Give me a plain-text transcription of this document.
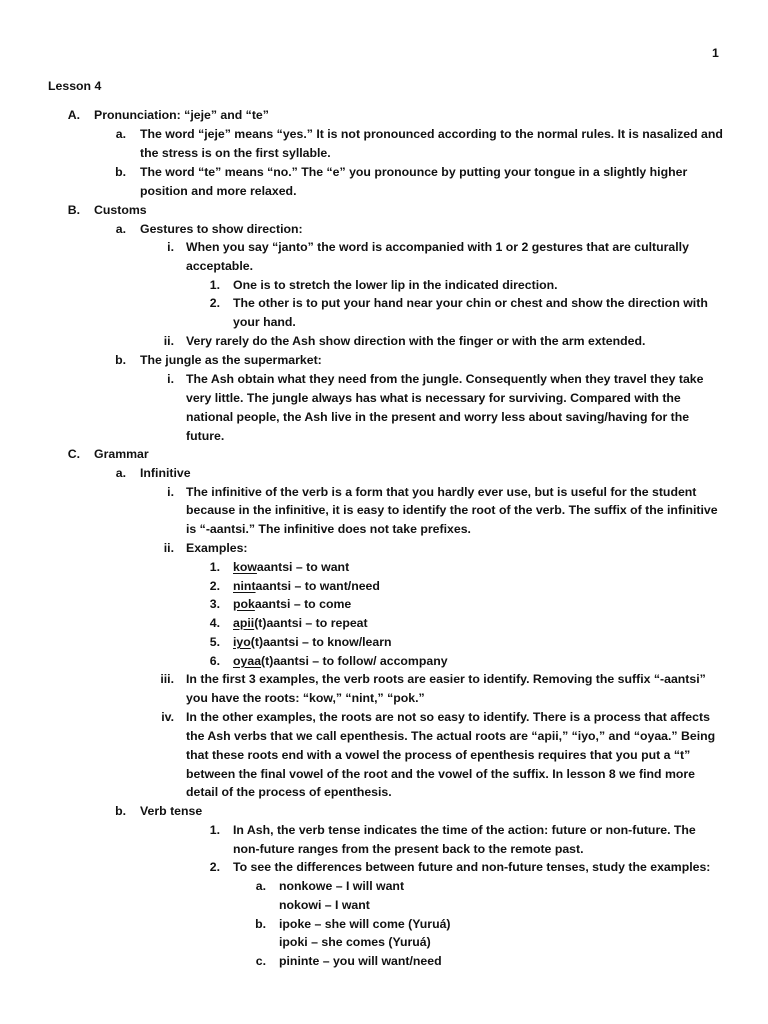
1
Lesson 4
A. Pronunciation: “jeje” and “te”
a. The word “jeje” means “yes.” It is not pronounced according to the normal rules. It is nasalized and
the stress is on the first syllable.
b. The word “te” means “no.” The “e” you pronounce by putting your tongue in a slightly higher
position and more relaxed.
B. Customs
a. Gestures to show direction:
i. When you say “janto” the word is accompanied with 1 or 2 gestures that are culturally
acceptable.
1. One is to stretch the lower lip in the indicated direction.
2. The other is to put your hand near your chin or chest and show the direction with
your hand.
ii. Very rarely do the Ash show direction with the finger or with the arm extended.
b. The jungle as the supermarket:
i. The Ash obtain what they need from the jungle. Consequently when they travel they take
very little. The jungle always has what is necessary for surviving. Compared with the
national people, the Ash live in the present and worry less about saving/having for the
future.
C. Grammar
a. Infinitive
i. The infinitive of the verb is a form that you hardly ever use, but is useful for the student
because in the infinitive, it is easy to identify the root of the verb. The suffix of the infinitive
is “-aantsi.” The infinitive does not take prefixes.
ii. Examples:
1. kowaantsi – to want
2. nintaantsi – to want/need
3. pokaantsi – to come
4. apii(t)aantsi – to repeat
5. iyo(t)aantsi – to know/learn
6. oyaa(t)aantsi – to follow/ accompany
iii. In the first 3 examples, the verb roots are easier to identify. Removing the suffix “-aantsi”
you have the roots: “kow,” “nint,” “pok.”
iv. In the other examples, the roots are not so easy to identify. There is a process that affects
the Ash verbs that we call epenthesis. The actual roots are “apii,” “iyo,” and “oyaa.” Being
that these roots end with a vowel the process of epenthesis requires that you put a “t”
between the final vowel of the root and the vowel of the suffix. In lesson 8 we find more
detail of the process of epenthesis.
b. Verb tense
1. In Ash, the verb tense indicates the time of the action: future or non-future. The
non-future ranges from the present back to the remote past.
2. To see the differences between future and non-future tenses, study the examples:
a. nonkowe – I will want
nokowi – I want
b. ipoke – she will come (Yuruá)
ipoki – she comes (Yuruá)
c. pininte – you will want/need
